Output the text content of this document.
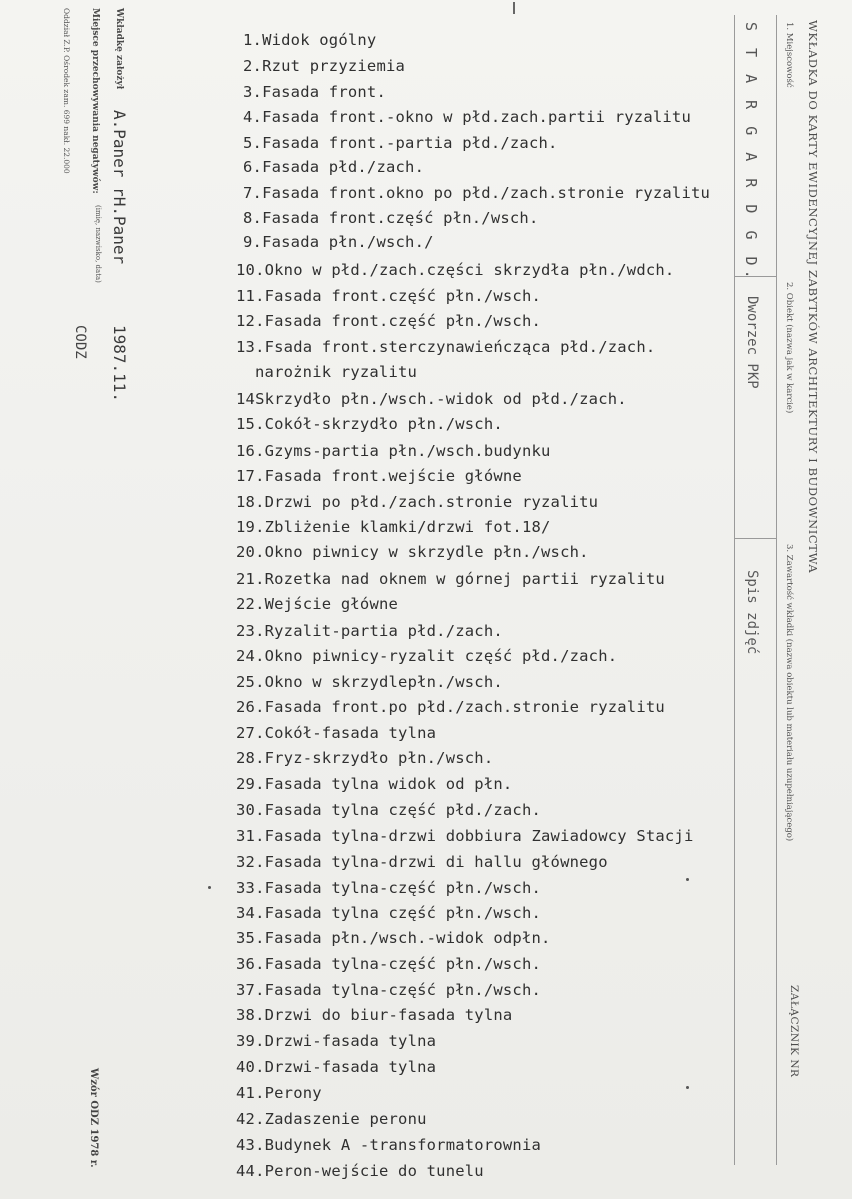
Wkładkę założył
A.Paner rH.Paner
1987.11.
(imię, nazwisko, data)
Miejsce przechowywania negatywów:
CODZ
Oddział Z.P. Ośrodek zam. 699 nakł. 22.000
Wzór ODZ 1978 r.
WKŁADKA DO KARTY EWIDENCYJNEJ ZABYTKÓW ARCHITEKTURY I BUDOWNICTWA
1. Miejscowość
S T A R G A R D G D.
2. Obiekt (nazwa jak w karcie)
Dworzec PKP
3. Zawartość wkładki (nazwa obiektu lub materiału uzupełniającego)
Spis zdjęć
ZAŁĄCZNIK NR
1.Widok ogólny
2.Rzut przyziemia
3.Fasada front.
4.Fasada front.-okno w płd.zach.partii ryzalitu
5.Fasada front.-partia płd./zach.
6.Fasada płd./zach.
7.Fasada front.okno po płd./zach.stronie ryzalitu
8.Fasada front.część płn./wsch.
9.Fasada płn./wsch./
10.Okno w płd./zach.części skrzydła płn./wdch.
11.Fasada front.część płn./wsch.
12.Fasada front.część płn./wsch.
13.Fsada front.sterczynawieńcząca płd./zach.
narożnik ryzalitu
14Skrzydło płn./wsch.-widok od płd./zach.
15.Cokół-skrzydło płn./wsch.
16.Gzyms-partia płn./wsch.budynku
17.Fasada front.wejście główne
18.Drzwi po płd./zach.stronie ryzalitu
19.Zbliżenie klamki/drzwi fot.18/
20.Okno piwnicy w skrzydle płn./wsch.
21.Rozetka nad oknem w górnej partii ryzalitu
22.Wejście główne
23.Ryzalit-partia płd./zach.
24.Okno piwnicy-ryzalit część płd./zach.
25.Okno w skrzydlepłn./wsch.
26.Fasada front.po płd./zach.stronie ryzalitu
27.Cokół-fasada tylna
28.Fryz-skrzydło płn./wsch.
29.Fasada tylna widok od płn.
30.Fasada tylna część płd./zach.
31.Fasada tylna-drzwi dobbiura Zawiadowcy Stacji
32.Fasada tylna-drzwi di hallu głównego
33.Fasada tylna-część płn./wsch.
34.Fasada tylna część płn./wsch.
35.Fasada płn./wsch.-widok odpłn.
36.Fasada tylna-część płn./wsch.
37.Fasada tylna-część płn./wsch.
38.Drzwi do biur-fasada tylna
39.Drzwi-fasada tylna
40.Drzwi-fasada tylna
41.Perony
42.Zadaszenie peronu
43.Budynek A -transformatorownia
44.Peron-wejście do tunelu
